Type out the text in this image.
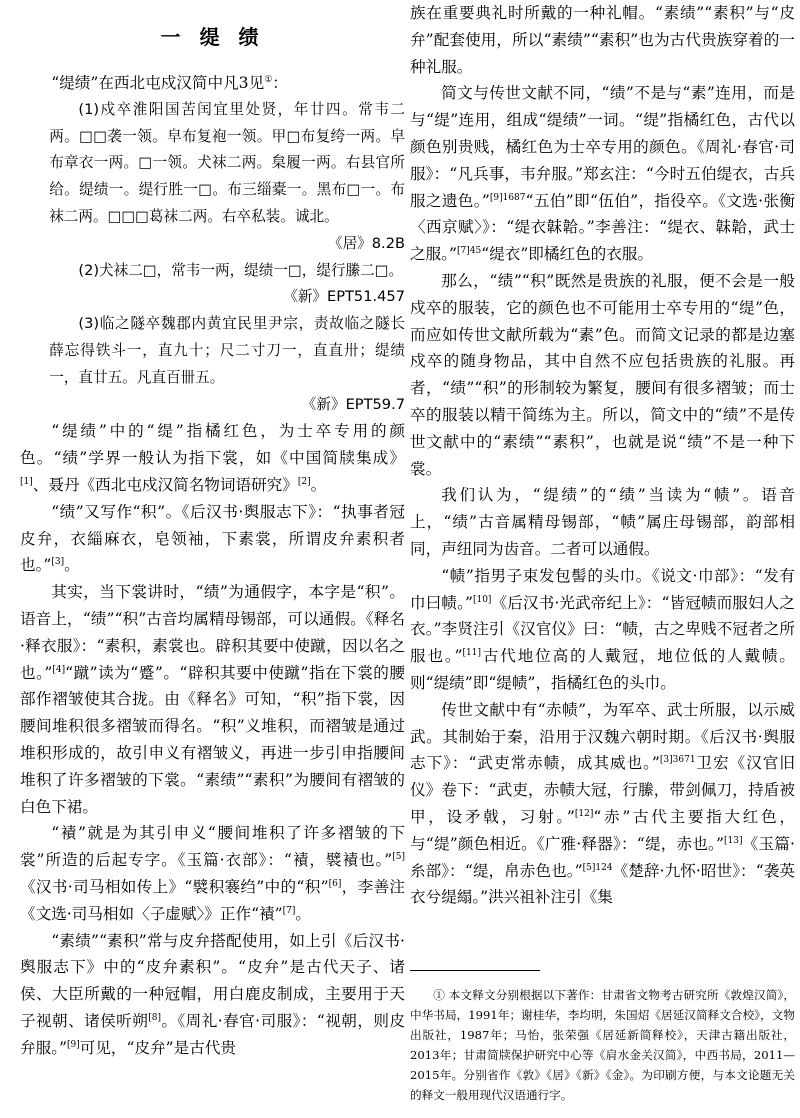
一 缇 绩

“缇绩”在西北屯戍汉简中凡3见①：

(1)戍卒淮阳国苦闰宜里处贤，年廿四。常韦二两。□□袭一领。皁布复袍一领。甲□布复绔一两。皁布章衣一两。□一领。犬袜二两。枲履一两。右县官所给。缇绩一。缇行胜一□。布三缁橐一。黑布□一。布袜二两。□□□葛袜二两。右卒私装。诚北。
《居》8.2B
(2)犬袜二□，常韦一两，缇绩一□，缇行縢二□。
《新》EPT51.457
(3)临之隧卒魏郡内黄宜民里尹宗，责故临之隧长薛忘得铁斗一，直九十；尺二寸刀一，直直卅；缇绩一，直廿五。凡直百卌五。
《新》EPT59.7

“缇绩”中的“缇”指橘红色，为士卒专用的颜色。“绩”学界一般认为指下裳，如《中国简牍集成》[1]、聂丹《西北屯戍汉简名物词语研究》[2]。

“绩”又写作“积”。《后汉书·舆服志下》：“执事者冠皮弁，衣緇麻衣，皂领袖，下素裳，所谓皮弁素积者也。”[3]。

其实，当下裳讲时，“绩”为通假字，本字是“积”。语音上，“绩”“积”古音均属精母锡部，可以通假。《释名·释衣服》：“素积，素裳也。辟积其要中使蹴，因以名之也。”[4]“蹴”读为“蹙”。“辟积其要中使蹴”指在下裳的腰部作褶皱使其合拢。由《释名》可知，“积”指下裳，因腰间堆积很多褶皱而得名。“积”义堆积，而褶皱是通过堆积形成的，故引申义有褶皱义，再进一步引申指腰间堆积了许多褶皱的下裳。“素绩”“素积”为腰间有褶皱的白色下裙。

“襀”就是为其引申义“腰间堆积了许多褶皱的下裳”所造的后起专字。《玉篇·衣部》：“襀，襞襀也。”[5]《汉书·司马相如传上》“襞积褰绉”中的“积”[6]，李善注《文选·司马相如〈子虚赋〉》正作“襀”[7]。

“素绩”“素积”常与皮弁搭配使用，如上引《后汉书·舆服志下》中的“皮弁素积”。“皮弁”是古代天子、诸侯、大臣所戴的一种冠帽，用白鹿皮制成，主要用于天子视朝、诸侯听朔[8]。《周礼·春官·司服》：“视朝，则皮弁服。”[9]可见，“皮弁”是古代贵

族在重要典礼时所戴的一种礼帽。“素绩”“素积”与“皮弁”配套使用，所以“素绩”“素积”也为古代贵族穿着的一种礼服。

简文与传世文献不同，“绩”不是与“素”连用，而是与“缇”连用，组成“缇绩”一词。“缇”指橘红色，古代以颜色别贵贱，橘红色为士卒专用的颜色。《周礼·春官·司服》：“凡兵事，韦弁服。”郑玄注：“今时五伯缇衣，古兵服之遗色。”$^{[9]1687}$“五伯”即“伍伯”，指役卒。《文选·张衡〈西京赋〉》：“缇衣韎韐。”李善注：“缇衣、韎韐，武士之服。”$^{[7]45}$“缇衣”即橘红色的衣服。

那么，“绩”“积”既然是贵族的礼服，便不会是一般戍卒的服装，它的颜色也不可能用士卒专用的“缇”色，而应如传世文献所载为“素”色。而简文记录的都是边塞戍卒的随身物品，其中自然不应包括贵族的礼服。再者，“绩”“积”的形制较为繁复，腰间有很多褶皱；而士卒的服装以精干简练为主。所以，简文中的“绩”不是传世文献中的“素绩”“素积”，也就是说“绩”不是一种下裳。

我们认为，“缇绩”的“绩”当读为“帻”。语音上，“绩”古音属精母锡部，“帻”属庄母锡部，韵部相同，声纽同为齿音。二者可以通假。

“帻”指男子束发包髻的头巾。《说文·巾部》：“发有巾曰帻。”[10]《后汉书·光武帝纪上》：“皆冠帻而服妇人之衣。”李贤注引《汉官仪》曰：“帻，古之卑贱不冠者之所服也。”[11]古代地位高的人戴冠，地位低的人戴帻。则“缇绩”即“缇帻”，指橘红色的头巾。

传世文献中有“赤帻”，为军卒、武士所服，以示威武。其制始于秦，沿用于汉魏六朝时期。《后汉书·舆服志下》：“武吏常赤帻，成其威也。”$^{[3]3671}$卫宏《汉官旧仪》卷下：“武吏，赤帻大冠，行縢，带剑佩刀，持盾被甲，设矛戟，习射。”[12]“赤”古代主要指大红色，与“缇”颜色相近。《广雅·释器》：“缇，赤也。”[13]《玉篇·糸部》：“缇，帛赤色也。”$^{[5]124}$《楚辞·九怀·昭世》：“袭英衣兮缇䌈。”洪兴祖补注引《集

① 本文释文分别根据以下著作：甘肃省文物考古研究所《敦煌汉简》，中华书局，1991年；谢桂华，李均明，朱国炤《居延汉简释文合校》，文物出版社，1987年；马怡，张荣强《居延新简释校》，天津古籍出版社，2013年；甘肃简牍保护研究中心等《肩水金关汉简》，中西书局，2011—2015年。分别省作《敦》《居》《新》《金》。为印刷方便，与本文论题无关的释文一般用现代汉语通行字。
